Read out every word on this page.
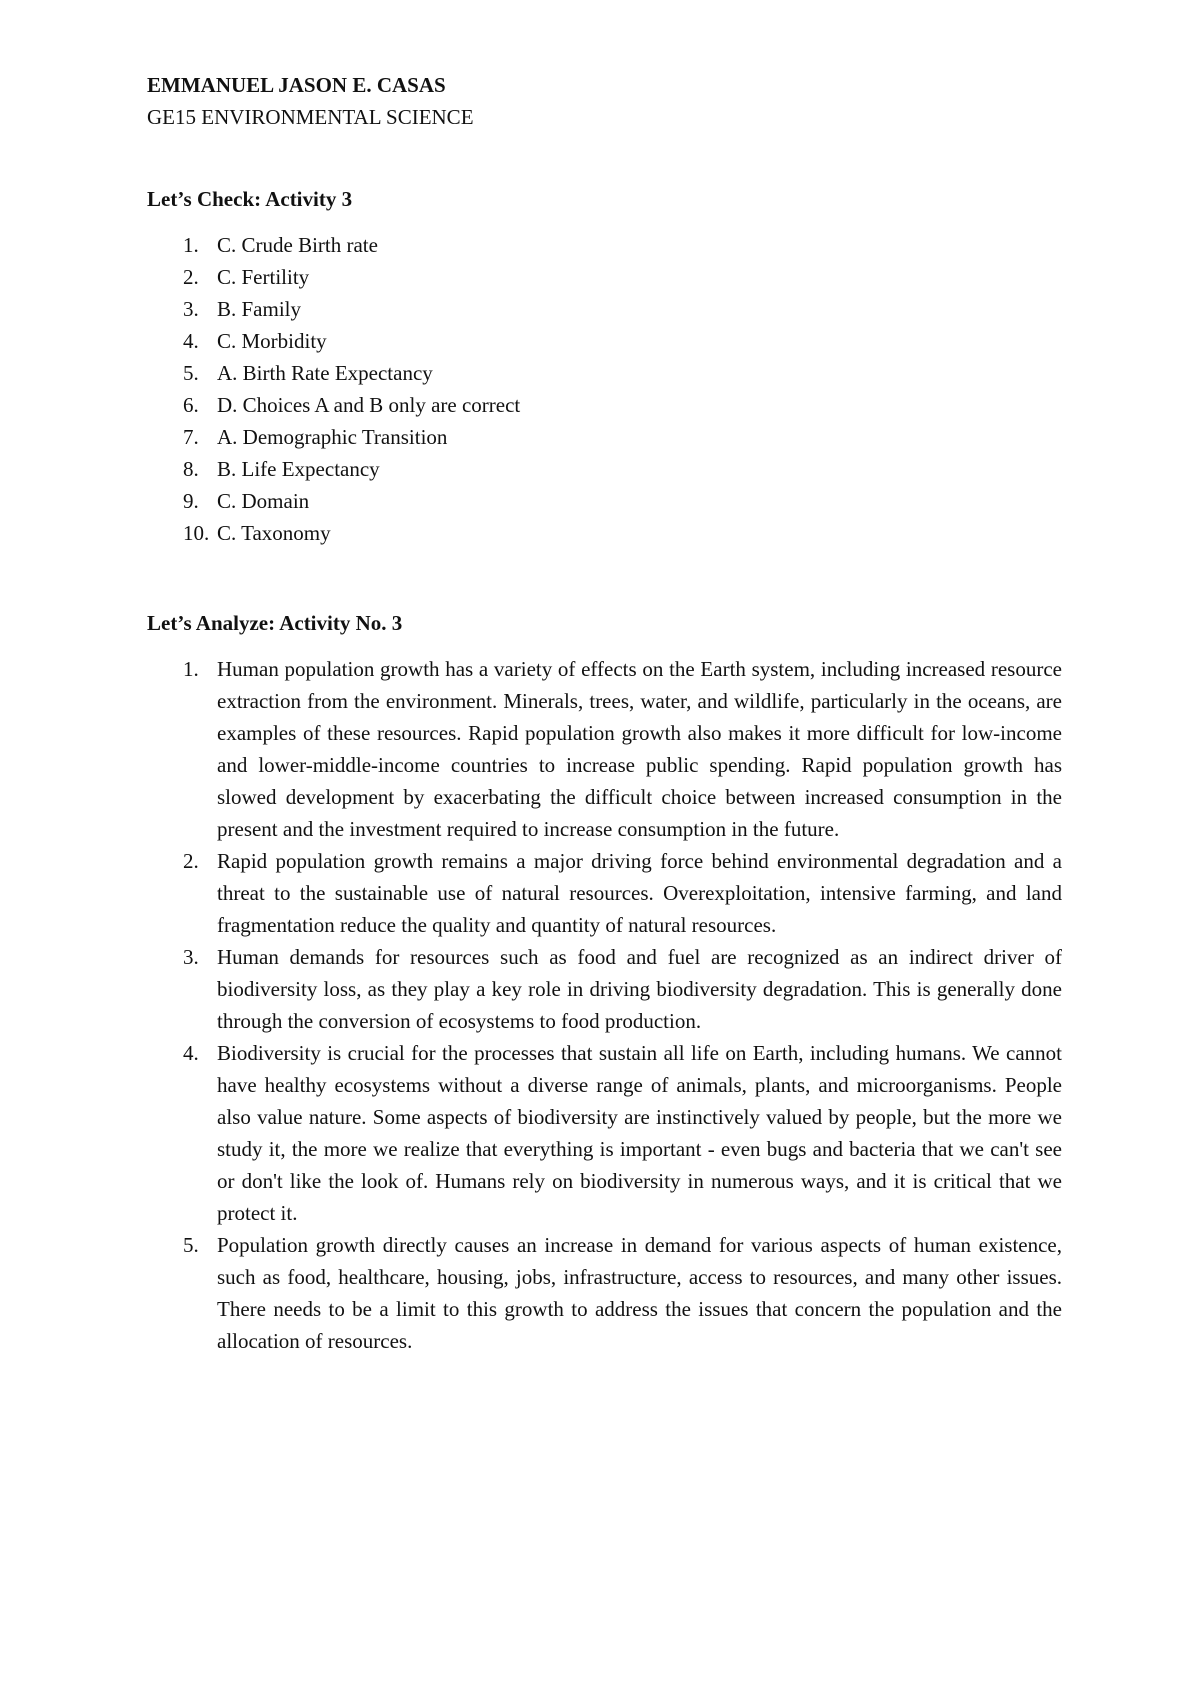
EMMANUEL JASON E. CASAS

GE15 ENVIRONMENTAL SCIENCE

Let’s Check: Activity 3

1. C. Crude Birth rate
2. C. Fertility
3. B. Family
4. C. Morbidity
5. A. Birth Rate Expectancy
6. D. Choices A and B only are correct
7. A. Demographic Transition
8. B. Life Expectancy
9. C. Domain
10. C. Taxonomy

Let’s Analyze: Activity No. 3

1. Human population growth has a variety of effects on the Earth system, including increased resource extraction from the environment. Minerals, trees, water, and wildlife, particularly in the oceans, are examples of these resources. Rapid population growth also makes it more difficult for low-income and lower-middle-income countries to increase public spending. Rapid population growth has slowed development by exacerbating the difficult choice between increased consumption in the present and the investment required to increase consumption in the future.
2. Rapid population growth remains a major driving force behind environmental degradation and a threat to the sustainable use of natural resources. Overexploitation, intensive farming, and land fragmentation reduce the quality and quantity of natural resources.
3. Human demands for resources such as food and fuel are recognized as an indirect driver of biodiversity loss, as they play a key role in driving biodiversity degradation. This is generally done through the conversion of ecosystems to food production.
4. Biodiversity is crucial for the processes that sustain all life on Earth, including humans. We cannot have healthy ecosystems without a diverse range of animals, plants, and microorganisms. People also value nature. Some aspects of biodiversity are instinctively valued by people, but the more we study it, the more we realize that everything is important - even bugs and bacteria that we can't see or don't like the look of. Humans rely on biodiversity in numerous ways, and it is critical that we protect it.
5. Population growth directly causes an increase in demand for various aspects of human existence, such as food, healthcare, housing, jobs, infrastructure, access to resources, and many other issues. There needs to be a limit to this growth to address the issues that concern the population and the allocation of resources.
